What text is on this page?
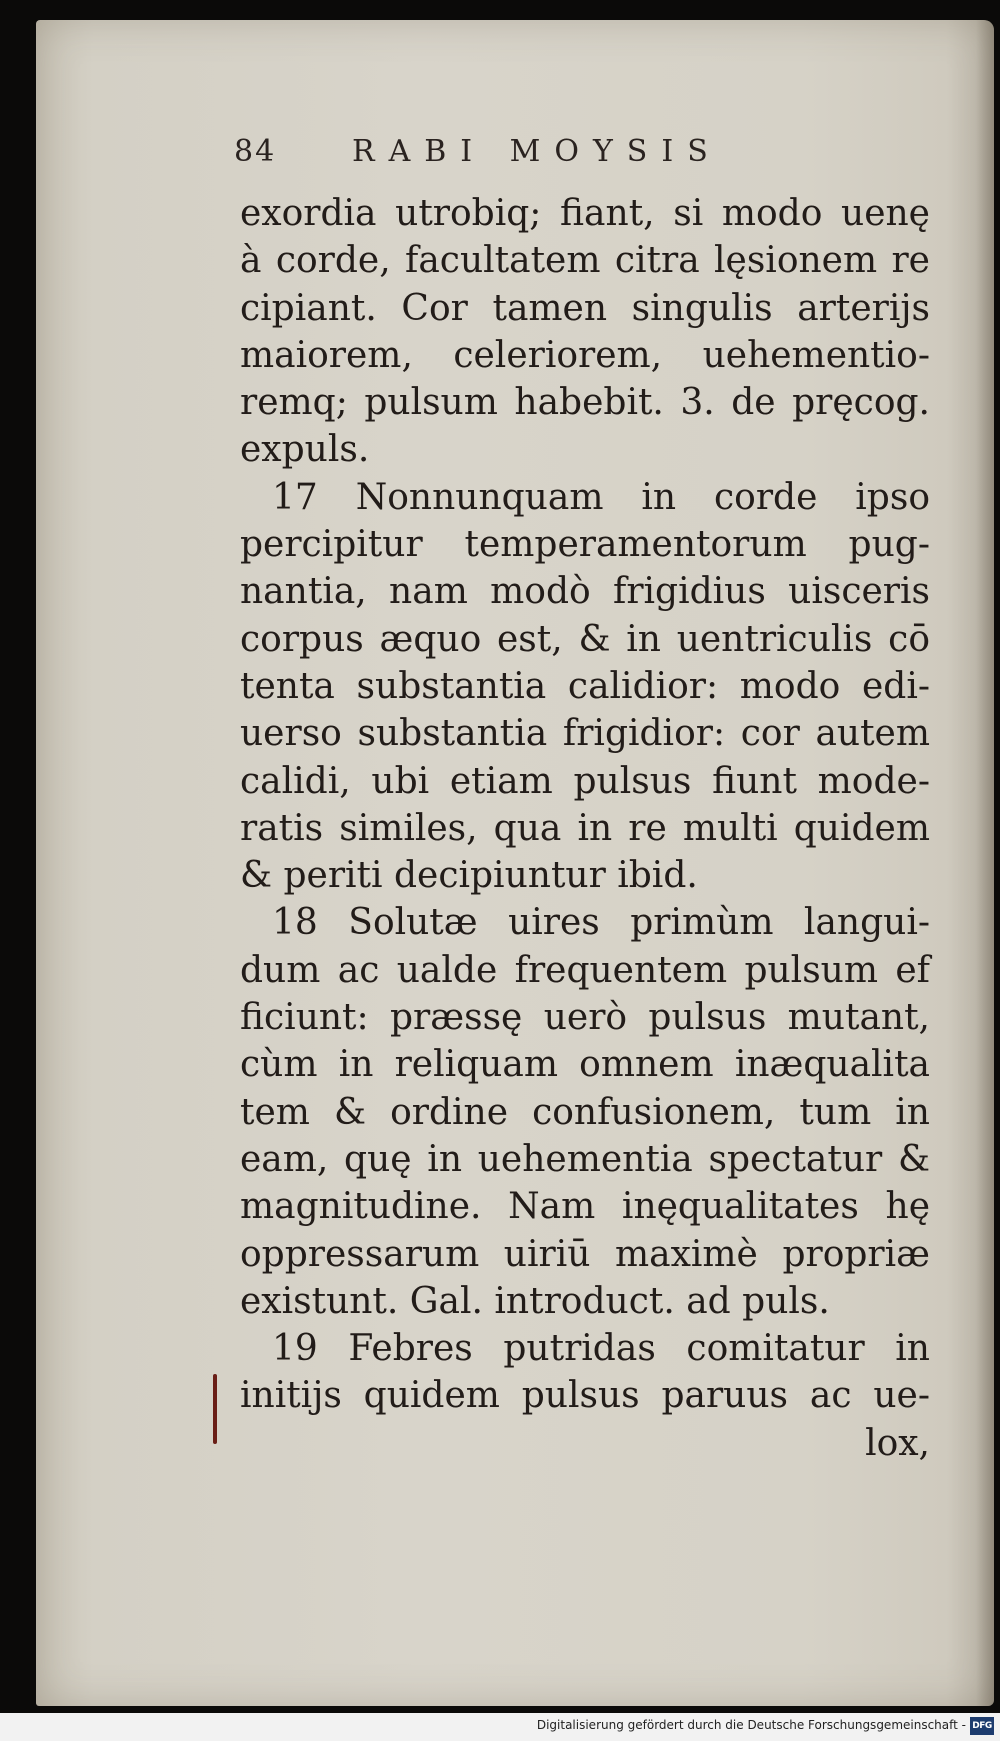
84	RABI MOYSIS
exordia utrobiq; fiant, si modo uenę
à corde, facultatem citra lęsionem re
cipiant. Cor tamen singulis arterijs
maiorem, celeriorem, uehementio-
remq; pulsum habebit. 3. de pręcog.
expuls.
17 Nonnunquam in corde ipso
percipitur temperamentorum pug-
nantia, nam modò frigidius uisceris
corpus æquo est, & in uentriculis cō
tenta substantia calidior: modo edi-
uerso substantia frigidior: cor autem
calidi, ubi etiam pulsus fiunt mode-
ratis similes, qua in re multi quidem
& periti decipiuntur ibid.
18 Solutæ uires primùm langui-
dum ac ualde frequentem pulsum ef
ficiunt: præssę uerò pulsus mutant,
cùm in reliquam omnem inæqualita
tem & ordine confusionem, tum in
eam, quę in uehementia spectatur &
magnitudine. Nam inęqualitates hę
oppressarum uiriū maximè propriæ
existunt. Gal. introduct. ad puls.
19 Febres putridas comitatur in
initijs quidem pulsus paruus ac ue-
lox,
Digitalisierung gefördert durch die Deutsche Forschungsgemeinschaft - DFG
